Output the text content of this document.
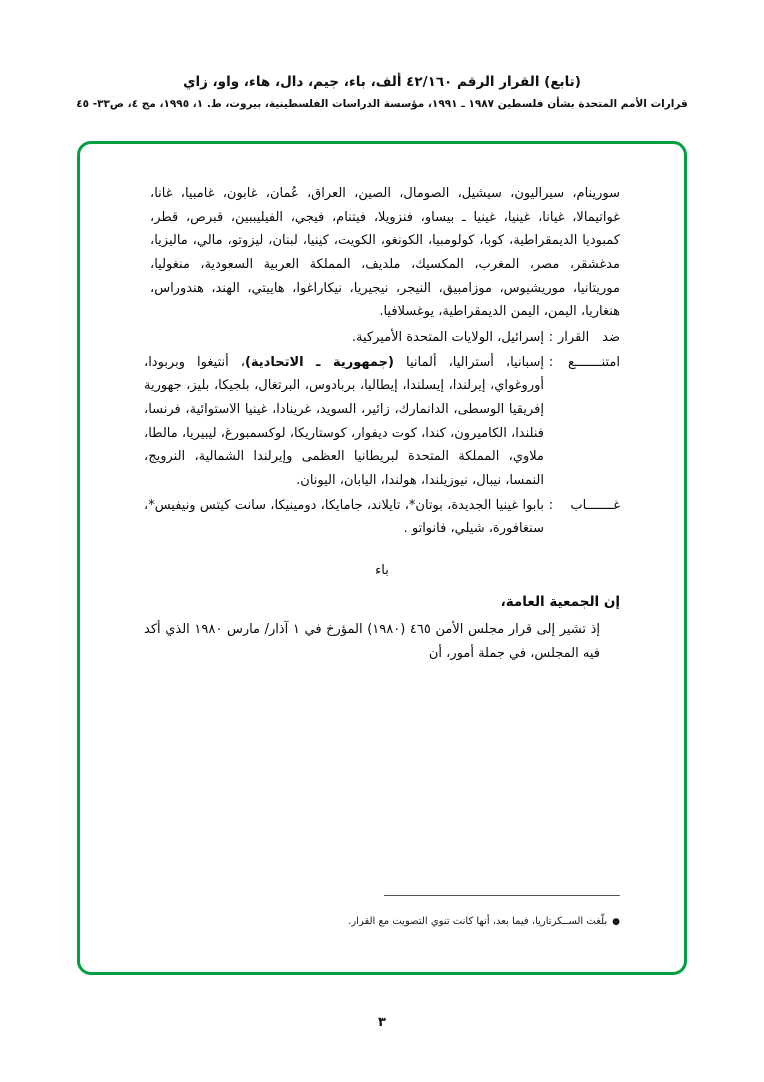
(تابع) القرار الرقم ٤٢/١٦٠ ألف، باء، جيم، دال، هاء، واو، زاي
قرارات الأمم المتحدة بشأن فلسطين ١٩٨٧ ـ ١٩٩١، مؤسسة الدراسات الفلسطينية، بيروت، ط. ١، ١٩٩٥، مج ٤، ص٣٣- ٤٥

سورينام، سيراليون، سيشيل، الصومال، الصين، العراق، عُمان، غابون، غامبيا، غانا، غواتيمالا، غيانا، غينيا، غينيا ـ بيساو، فنزويلا، فيتنام، فيجي، الفيليببين، قبرص، قطر، كمبوديا الديمقراطية، كوبا، كولومبيا، الكونغو، الكويت، كينيا، لبنان، ليزوتو، مالي، ماليزيا، مدغشقر، مصر، المغرب، المكسيك، ملديف، المملكة العربية السعودية، منغوليا، موريتانيا، موريشيوس، موزامبيق، النيجر، نيجيريا، نيكاراغوا، هاييتي، الهند، هندوراس، هنغاريا، اليمن، اليمن الديمقراطية، يوغسلافيا.

ضد القرار
:
إسرائيل، الولايات المتحدة الأميركية.
امتنـــــــع
:
إسبانيا، أستراليا، ألمانيا (جمهورية ـ الاتحادية)، أنتيغوا وبربودا، أوروغواي، إيرلندا، إيسلندا، إيطاليا، بربادوس، البرتغال، بلجيكا، بليز، جهورية إفريقيا الوسطى، الدانمارك، زائير، السويد، غرينادا، غينيا الاستوائية، فرنسا، فنلندا، الكاميرون، كندا، كوت ديفوار، كوستاريكا، لوكسمبورغ، ليبيريا، مالطا، ملاوي، المملكة المتحدة لبريطانيا العظمى وإيرلندا الشمالية، النرويج، النمسا، نيبال، نيوزيلندا، هولندا، اليابان، اليونان.
غـــــــاب
:
بابوا غينيا الجديدة، بوتان*، تايلاند، جامايكا، دومينيكا، سانت كيتس ونيفيس*، سنغافورة، شيلي، فانواتو .
باء
إن الجمعية العامة،

إذ تشير إلى قرار مجلس الأمن ٤٦٥ (١٩٨٠) المؤرخ في ١ آذار/ مارس ١٩٨٠ الذي أكد فيه المجلس، في جملة أمور، أن

●بلّغت الســكرتاريا، فيما بعد، أنها كانت تنوي التصويت مع القرار.
٣
